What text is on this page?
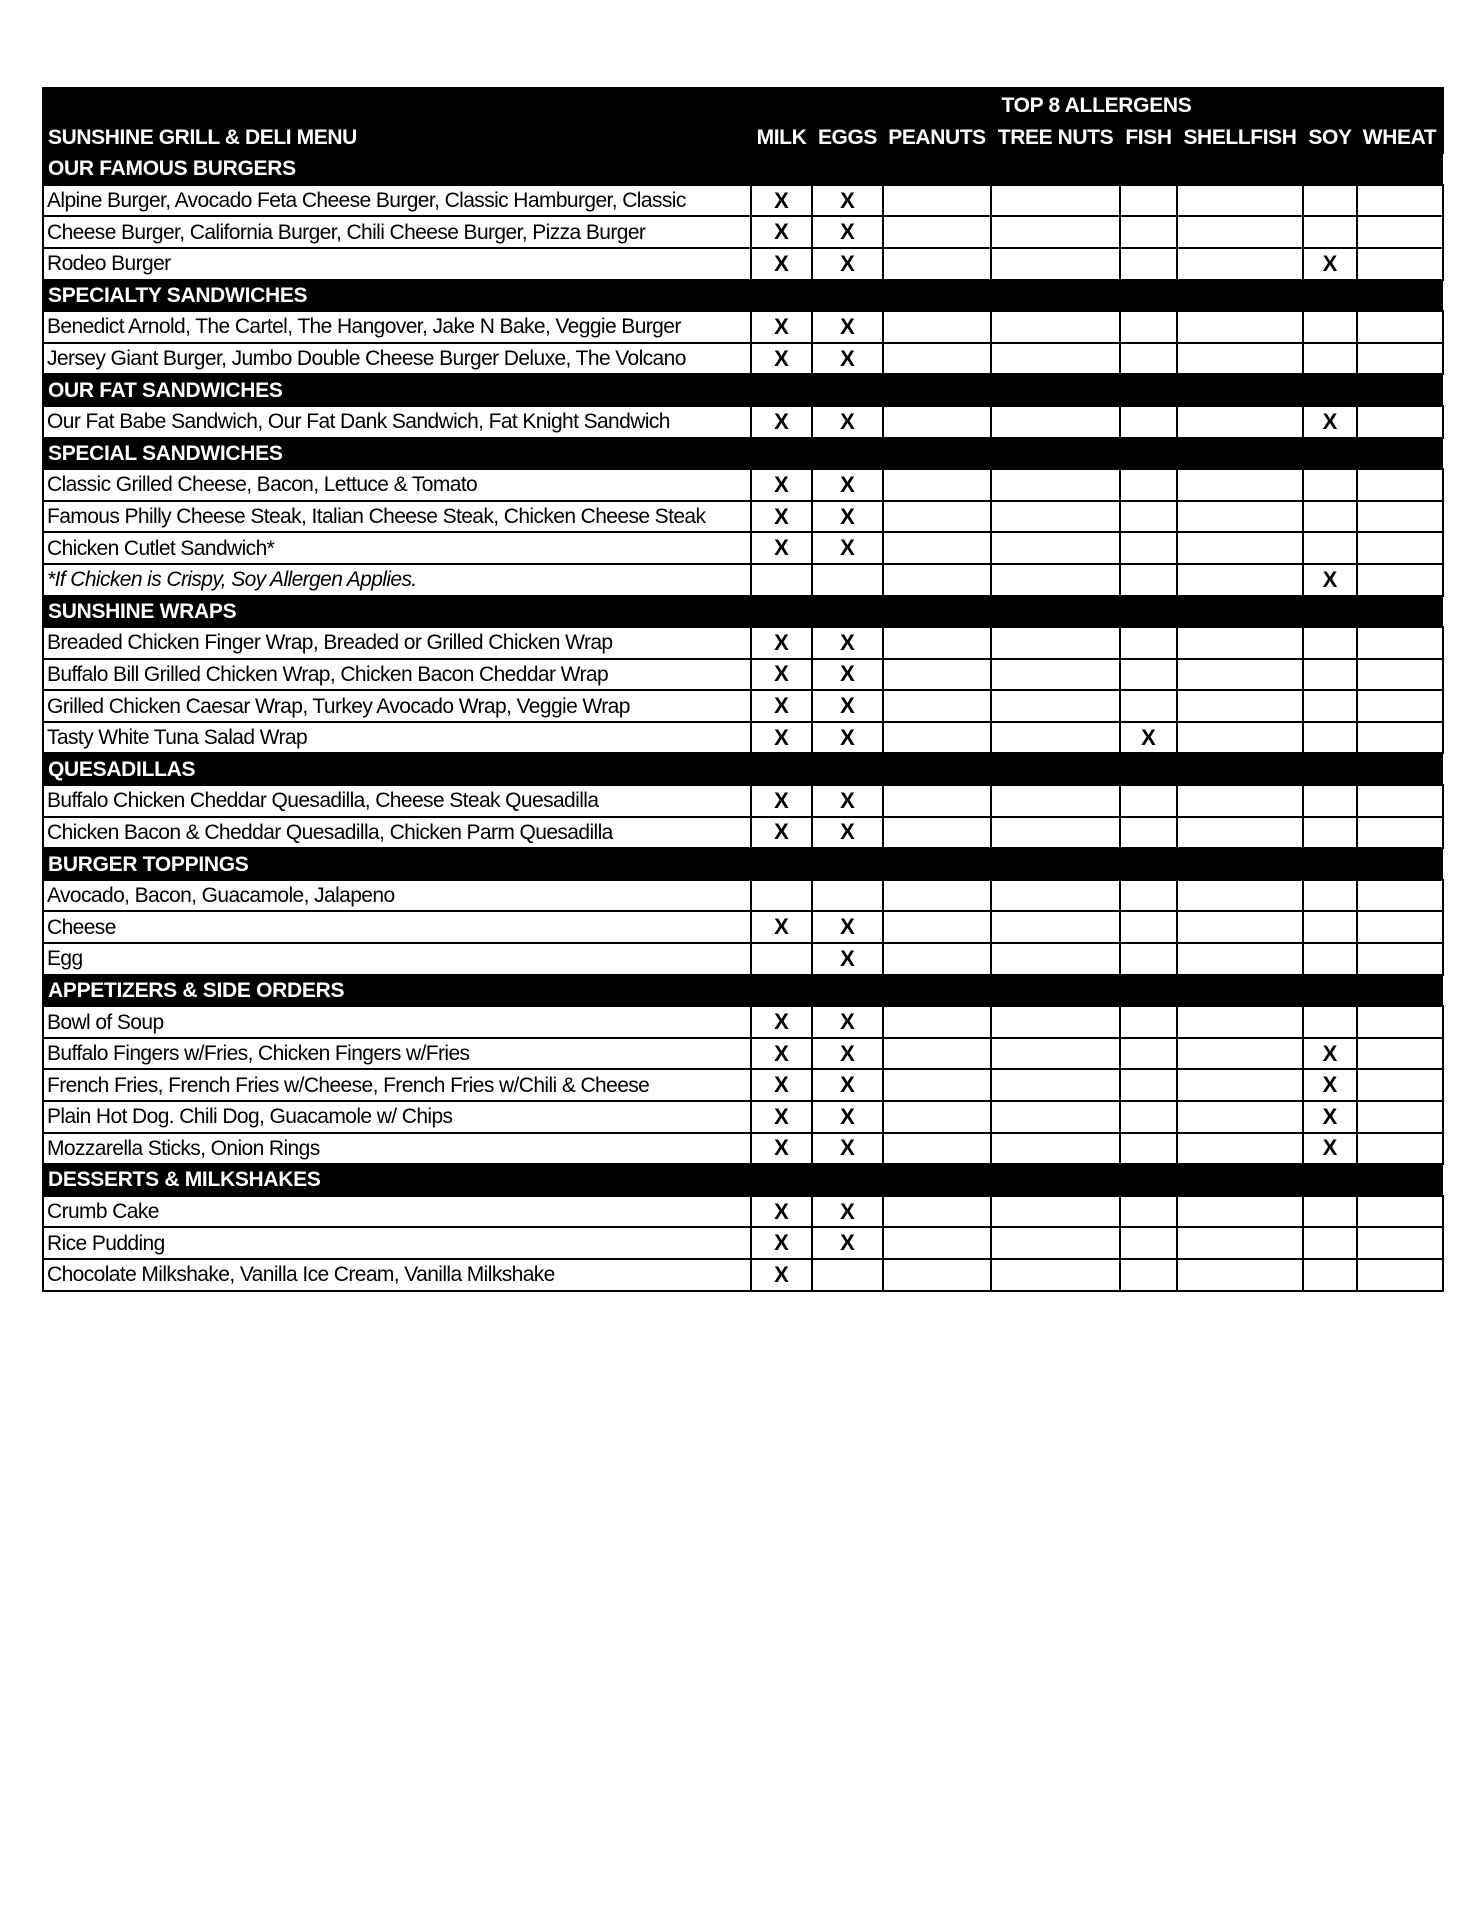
	TOP 8 ALLERGENS							
SUNSHINE GRILL & DELI MENU	MILK	EGGS	PEANUTS	TREE NUTS	FISH	SHELLFISH	SOY	WHEAT
OUR FAMOUS BURGERS								
Alpine Burger, Avocado Feta Cheese Burger, Classic Hamburger, Classic	X	X						
Cheese Burger, California Burger, Chili Cheese Burger, Pizza Burger	X	X						
Rodeo Burger	X	X					X	
SPECIALTY SANDWICHES								
Benedict Arnold, The Cartel, The Hangover, Jake N Bake, Veggie Burger	X	X						
Jersey Giant Burger, Jumbo Double Cheese Burger Deluxe, The Volcano	X	X						
OUR FAT SANDWICHES								
Our Fat Babe Sandwich, Our Fat Dank Sandwich, Fat Knight Sandwich	X	X					X	
SPECIAL SANDWICHES								
Classic Grilled Cheese, Bacon, Lettuce & Tomato	X	X						
Famous Philly Cheese Steak, Italian Cheese Steak, Chicken Cheese Steak	X	X						
Chicken Cutlet Sandwich*	X	X						
*If Chicken is Crispy, Soy Allergen Applies.							X	
SUNSHINE WRAPS								
Breaded Chicken Finger Wrap, Breaded or Grilled Chicken Wrap	X	X						
Buffalo Bill Grilled Chicken Wrap, Chicken Bacon Cheddar Wrap	X	X						
Grilled Chicken Caesar Wrap, Turkey Avocado Wrap, Veggie Wrap	X	X						
Tasty White Tuna Salad Wrap	X	X			X			
QUESADILLAS								
Buffalo Chicken Cheddar Quesadilla, Cheese Steak Quesadilla	X	X						
Chicken Bacon & Cheddar Quesadilla, Chicken Parm Quesadilla	X	X						
BURGER TOPPINGS								
Avocado, Bacon, Guacamole, Jalapeno								
Cheese	X	X						
Egg		X						
APPETIZERS & SIDE ORDERS								
Bowl of Soup	X	X						
Buffalo Fingers w/Fries, Chicken Fingers w/Fries	X	X					X	
French Fries, French Fries w/Cheese, French Fries w/Chili & Cheese	X	X					X	
Plain Hot Dog. Chili Dog, Guacamole w/ Chips	X	X					X	
Mozzarella Sticks, Onion Rings	X	X					X	
DESSERTS & MILKSHAKES								
Crumb Cake	X	X						
Rice Pudding	X	X						
Chocolate Milkshake, Vanilla Ice Cream, Vanilla Milkshake	X							
